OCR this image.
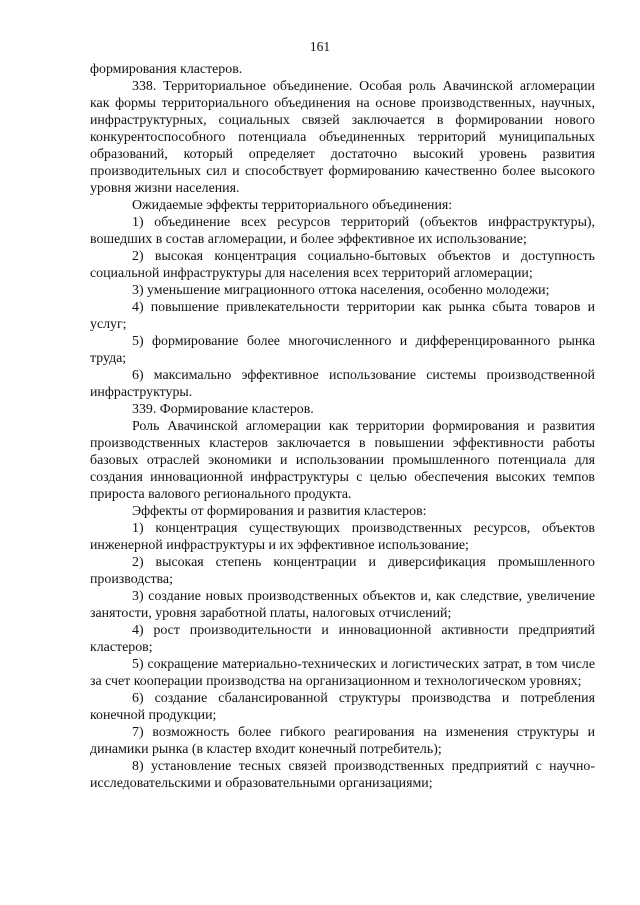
161

формирования кластеров.

338. Территориальное объединение. Особая роль Авачинской агломерации как формы территориального объединения на основе производственных, научных, инфраструктурных, социальных связей заключается в формировании нового конкурентоспособного потенциала объединенных территорий муниципальных образований, который определяет достаточно высокий уровень развития производительных сил и способствует формированию качественно более высокого уровня жизни населения.

Ожидаемые эффекты территориального объединения:

1) объединение всех ресурсов территорий (объектов инфраструктуры), вошедших в состав агломерации, и более эффективное их использование;

2) высокая концентрация социально-бытовых объектов и доступность социальной инфраструктуры для населения всех территорий агломерации;

3) уменьшение миграционного оттока населения, особенно молодежи;

4) повышение привлекательности территории как рынка сбыта товаров и услуг;

5) формирование более многочисленного и дифференцированного рынка труда;

6) максимально эффективное использование системы производственной инфраструктуры.

339. Формирование кластеров.

Роль Авачинской агломерации как территории формирования и развития производственных кластеров заключается в повышении эффективности работы базовых отраслей экономики и использовании промышленного потенциала для создания инновационной инфраструктуры с целью обеспечения высоких темпов прироста валового регионального продукта.

Эффекты от формирования и развития кластеров:

1) концентрация существующих производственных ресурсов, объектов инженерной инфраструктуры и их эффективное использование;

2) высокая степень концентрации и диверсификация промышленного производства;

3) создание новых производственных объектов и, как следствие, увеличение занятости, уровня заработной платы, налоговых отчислений;

4) рост производительности и инновационной активности предприятий кластеров;

5) сокращение материально-технических и логистических затрат, в том числе за счет кооперации производства на организационном и технологическом уровнях;

6) создание сбалансированной структуры производства и потребления конечной продукции;

7) возможность более гибкого реагирования на изменения структуры и динамики рынка (в кластер входит конечный потребитель);

8) установление тесных связей производственных предприятий с научно-исследовательскими и образовательными организациями;
